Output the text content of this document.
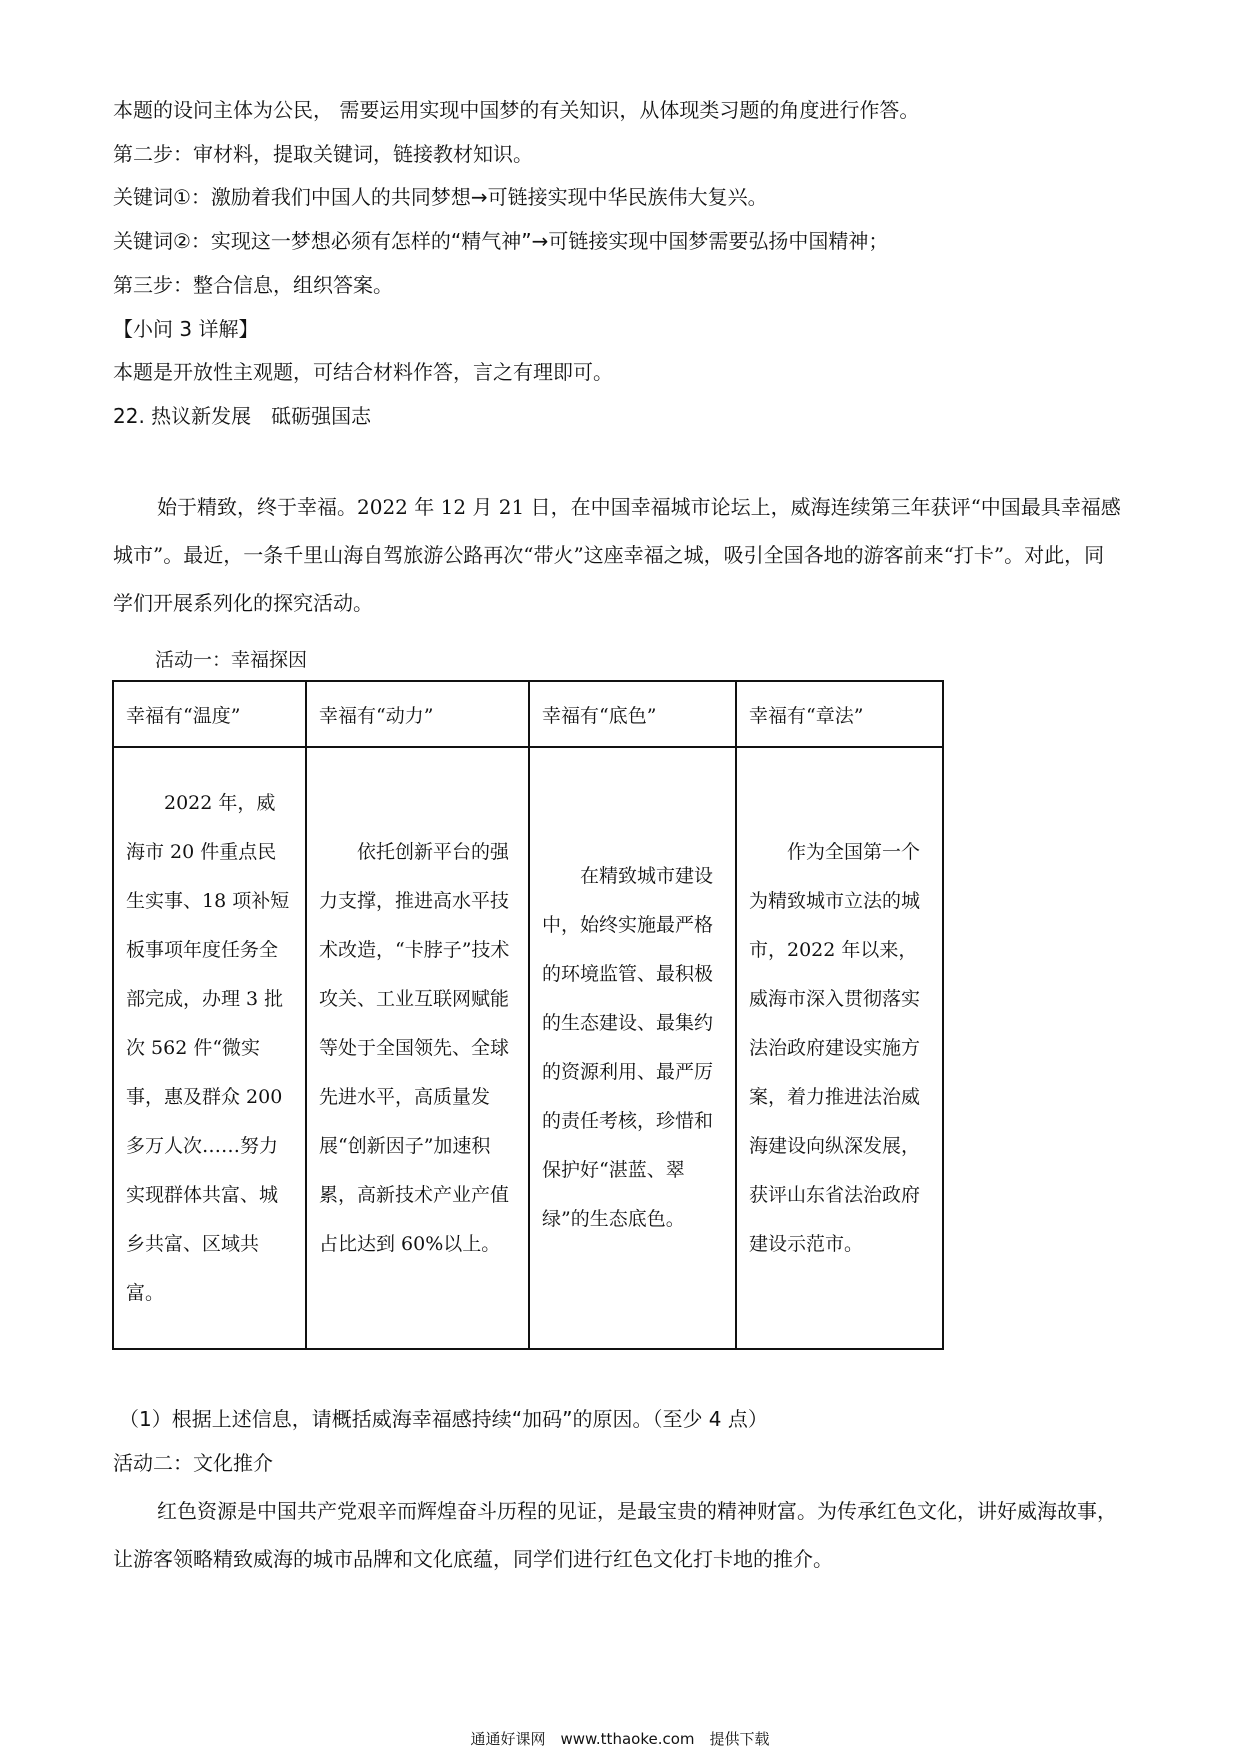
本题的设问主体为公民， 需要运用实现中国梦的有关知识，从体现类习题的角度进行作答。
第二步：审材料，提取关键词，链接教材知识。
关键词①：激励着我们中国人的共同梦想→可链接实现中华民族伟大复兴。
关键词②：实现这一梦想必须有怎样的“精气神”→可链接实现中国梦需要弘扬中国精神；
第三步：整合信息，组织答案。
【小问 3 详解】
本题是开放性主观题，可结合材料作答，言之有理即可。
22. 热议新发展　砥砺强国志

始于精致，终于幸福。2022 年 12 月 21 日，在中国幸福城市论坛上，威海连续第三年获评“中国最具幸福感城市”。最近，一条千里山海自驾旅游公路再次“带火”这座幸福之城，吸引全国各地的游客前来“打卡”。对此，同学们开展系列化的探究活动。

活动一：幸福探因
幸福有“温度”	幸福有“动力”	幸福有“底色”	幸福有“章法”

2022 年，威海市 20 件重点民生实事、18 项补短板事项年度任务全部完成，办理 3 批次 562 件“微实事，惠及群众 200 多万人次……努力实现群体共富、城乡共富、区域共富。	依托创新平台的强力支撑，推进高水平技术改造，“卡脖子”技术攻关、工业互联网赋能等处于全国领先、全球先进水平，高质量发展“创新因子”加速积累，高新技术产业产值占比达到 60%以上。	在精致城市建设中，始终实施最严格的环境监管、最积极的生态建设、最集约的资源利用、最严厉的责任考核，珍惜和保护好“湛蓝、翠绿”的生态底色。	作为全国第一个为精致城市立法的城市，2022 年以来，威海市深入贯彻落实法治政府建设实施方案，着力推进法治威海建设向纵深发展，获评山东省法治政府建设示范市。
（1）根据上述信息，请概括威海幸福感持续“加码”的原因。（至少 4 点）
活动二：文化推介

红色资源是中国共产党艰辛而辉煌奋斗历程的见证，是最宝贵的精神财富。为传承红色文化，讲好威海故事，让游客领略精致威海的城市品牌和文化底蕴，同学们进行红色文化打卡地的推介。

通通好课网　www.tthaoke.com　提供下载
